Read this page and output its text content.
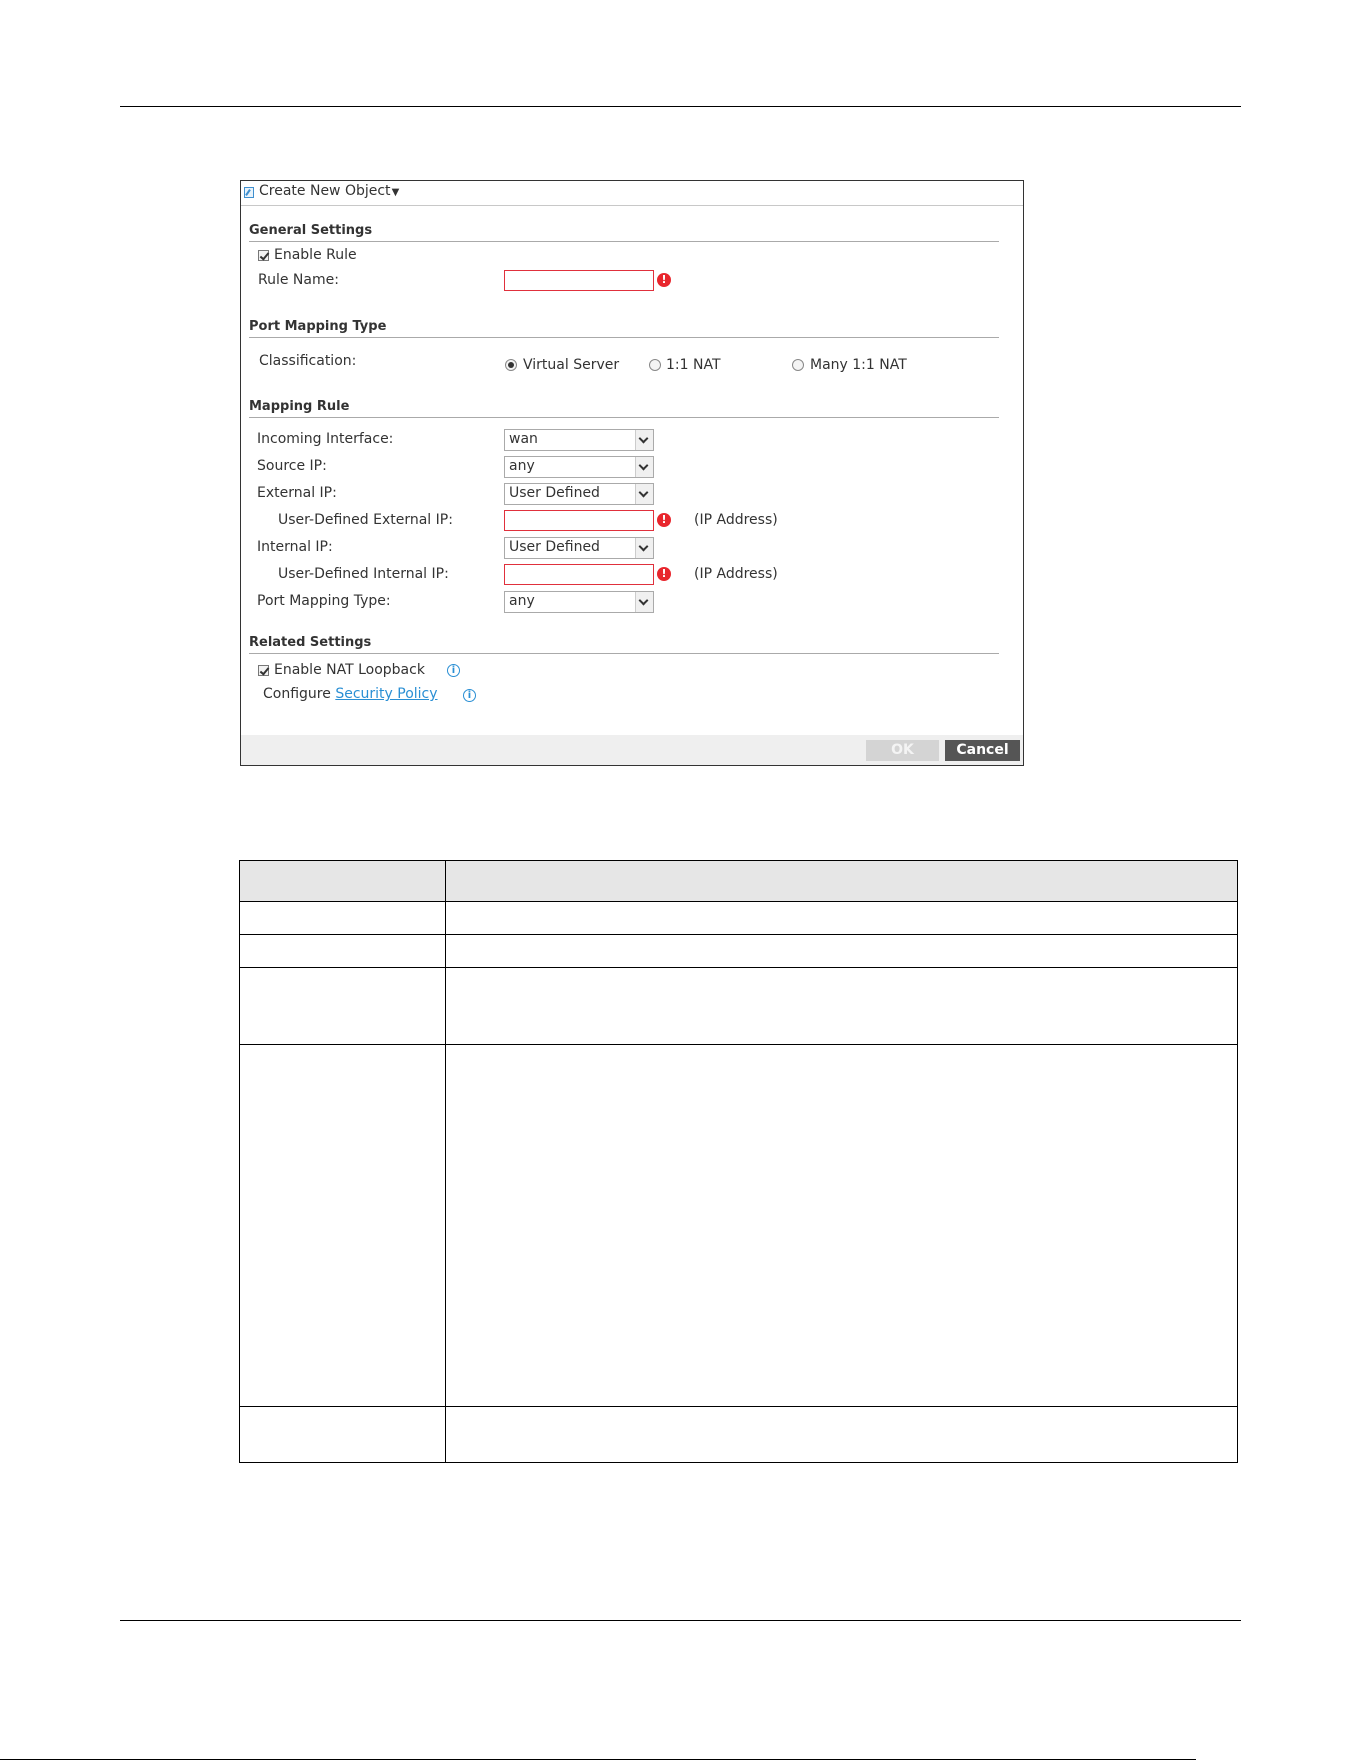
Create New Object▼
General Settings
Enable Rule
Rule Name:	!
Port Mapping Type
Classification:	Virtual Server	1:1 NAT	Many 1:1 NAT
Mapping Rule
Incoming Interface:	wan
Source IP:	any
External IP:	User Defined
User-Defined External IP:	!	(IP Address)
Internal IP:	User Defined
User-Defined Internal IP:	!	(IP Address)
Port Mapping Type:	any
Related Settings
Enable NAT Loopback	i
Configure Security Policy	i
OK	Cancel
